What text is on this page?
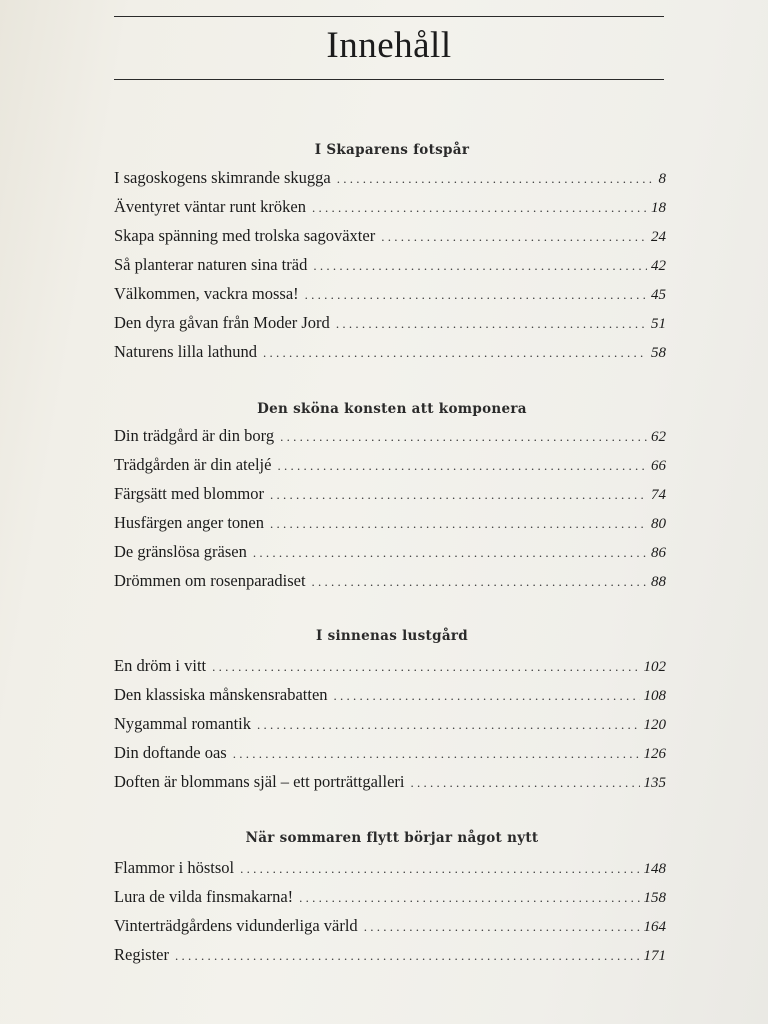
Innehåll
I Skaparens fotspår
I sagoskogens skimrande skugga . . .	8
Äventyret väntar runt kröken . . .	18
Skapa spänning med trolska sagoväxter . . .	24
Så planterar naturen sina träd . . .	42
Välkommen, vackra mossa! . . .	45
Den dyra gåvan från Moder Jord . . .	51
Naturens lilla lathund . . .	58
Den sköna konsten att komponera
Din trädgård är din borg . . .	62
Trädgården är din ateljé . . .	66
Färgsätt med blommor . . .	74
Husfärgen anger tonen . . .	80
De gränslösa gräsen . . .	86
Drömmen om rosenparadiset . . .	88
I sinnenas lustgård
En dröm i vitt . . .	102
Den klassiska månskensrabatten . . .	108
Nygammal romantik . . .	120
Din doftande oas . . .	126
Doften är blommans själ – ett porträttgalleri . . .	135
När sommaren flytt börjar något nytt
Flammor i höstsol . . .	148
Lura de vilda finsmakarna! . . .	158
Vinterträdgårdens vidunderliga värld . . .	164
Register . . .	171
